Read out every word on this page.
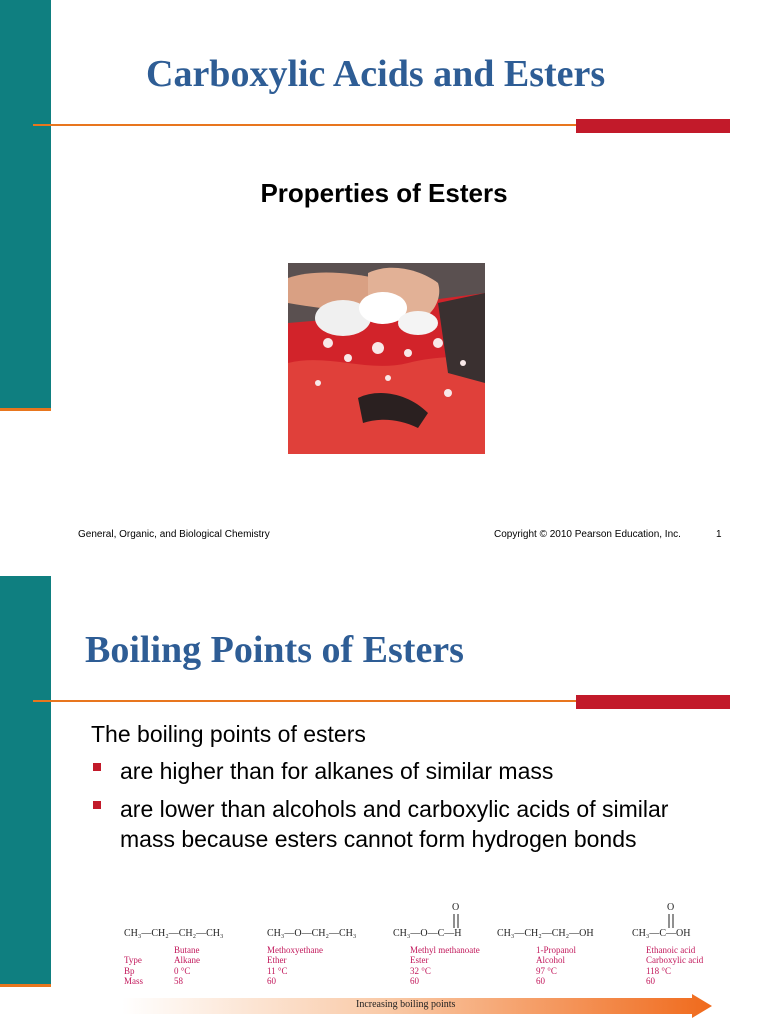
Carboxylic Acids and Esters
Properties of Esters
General, Organic, and Biological Chemistry	Copyright © 2010 Pearson Education, Inc.	1
Boiling Points of Esters
The boiling points of esters
are higher than for alkanes of similar mass
are lower than alcohols and carboxylic acids of similar mass because esters cannot form hydrogen bonds
Type
Bp
Mass
CH₃—CH₂—CH₂—CH₃
Butane
Alkane
0 °C
58
CH₃—O—CH₂—CH₃
Methoxyethane
Ether
11 °C
60
O
CH₃—O—C—H
Methyl methanoate
Ester
32 °C
60
CH₃—CH₂—CH₂—OH
1-Propanol
Alcohol
97 °C
60
O
CH₃—C—OH
Ethanoic acid
Carboxylic acid
118 °C
60
Increasing boiling points
